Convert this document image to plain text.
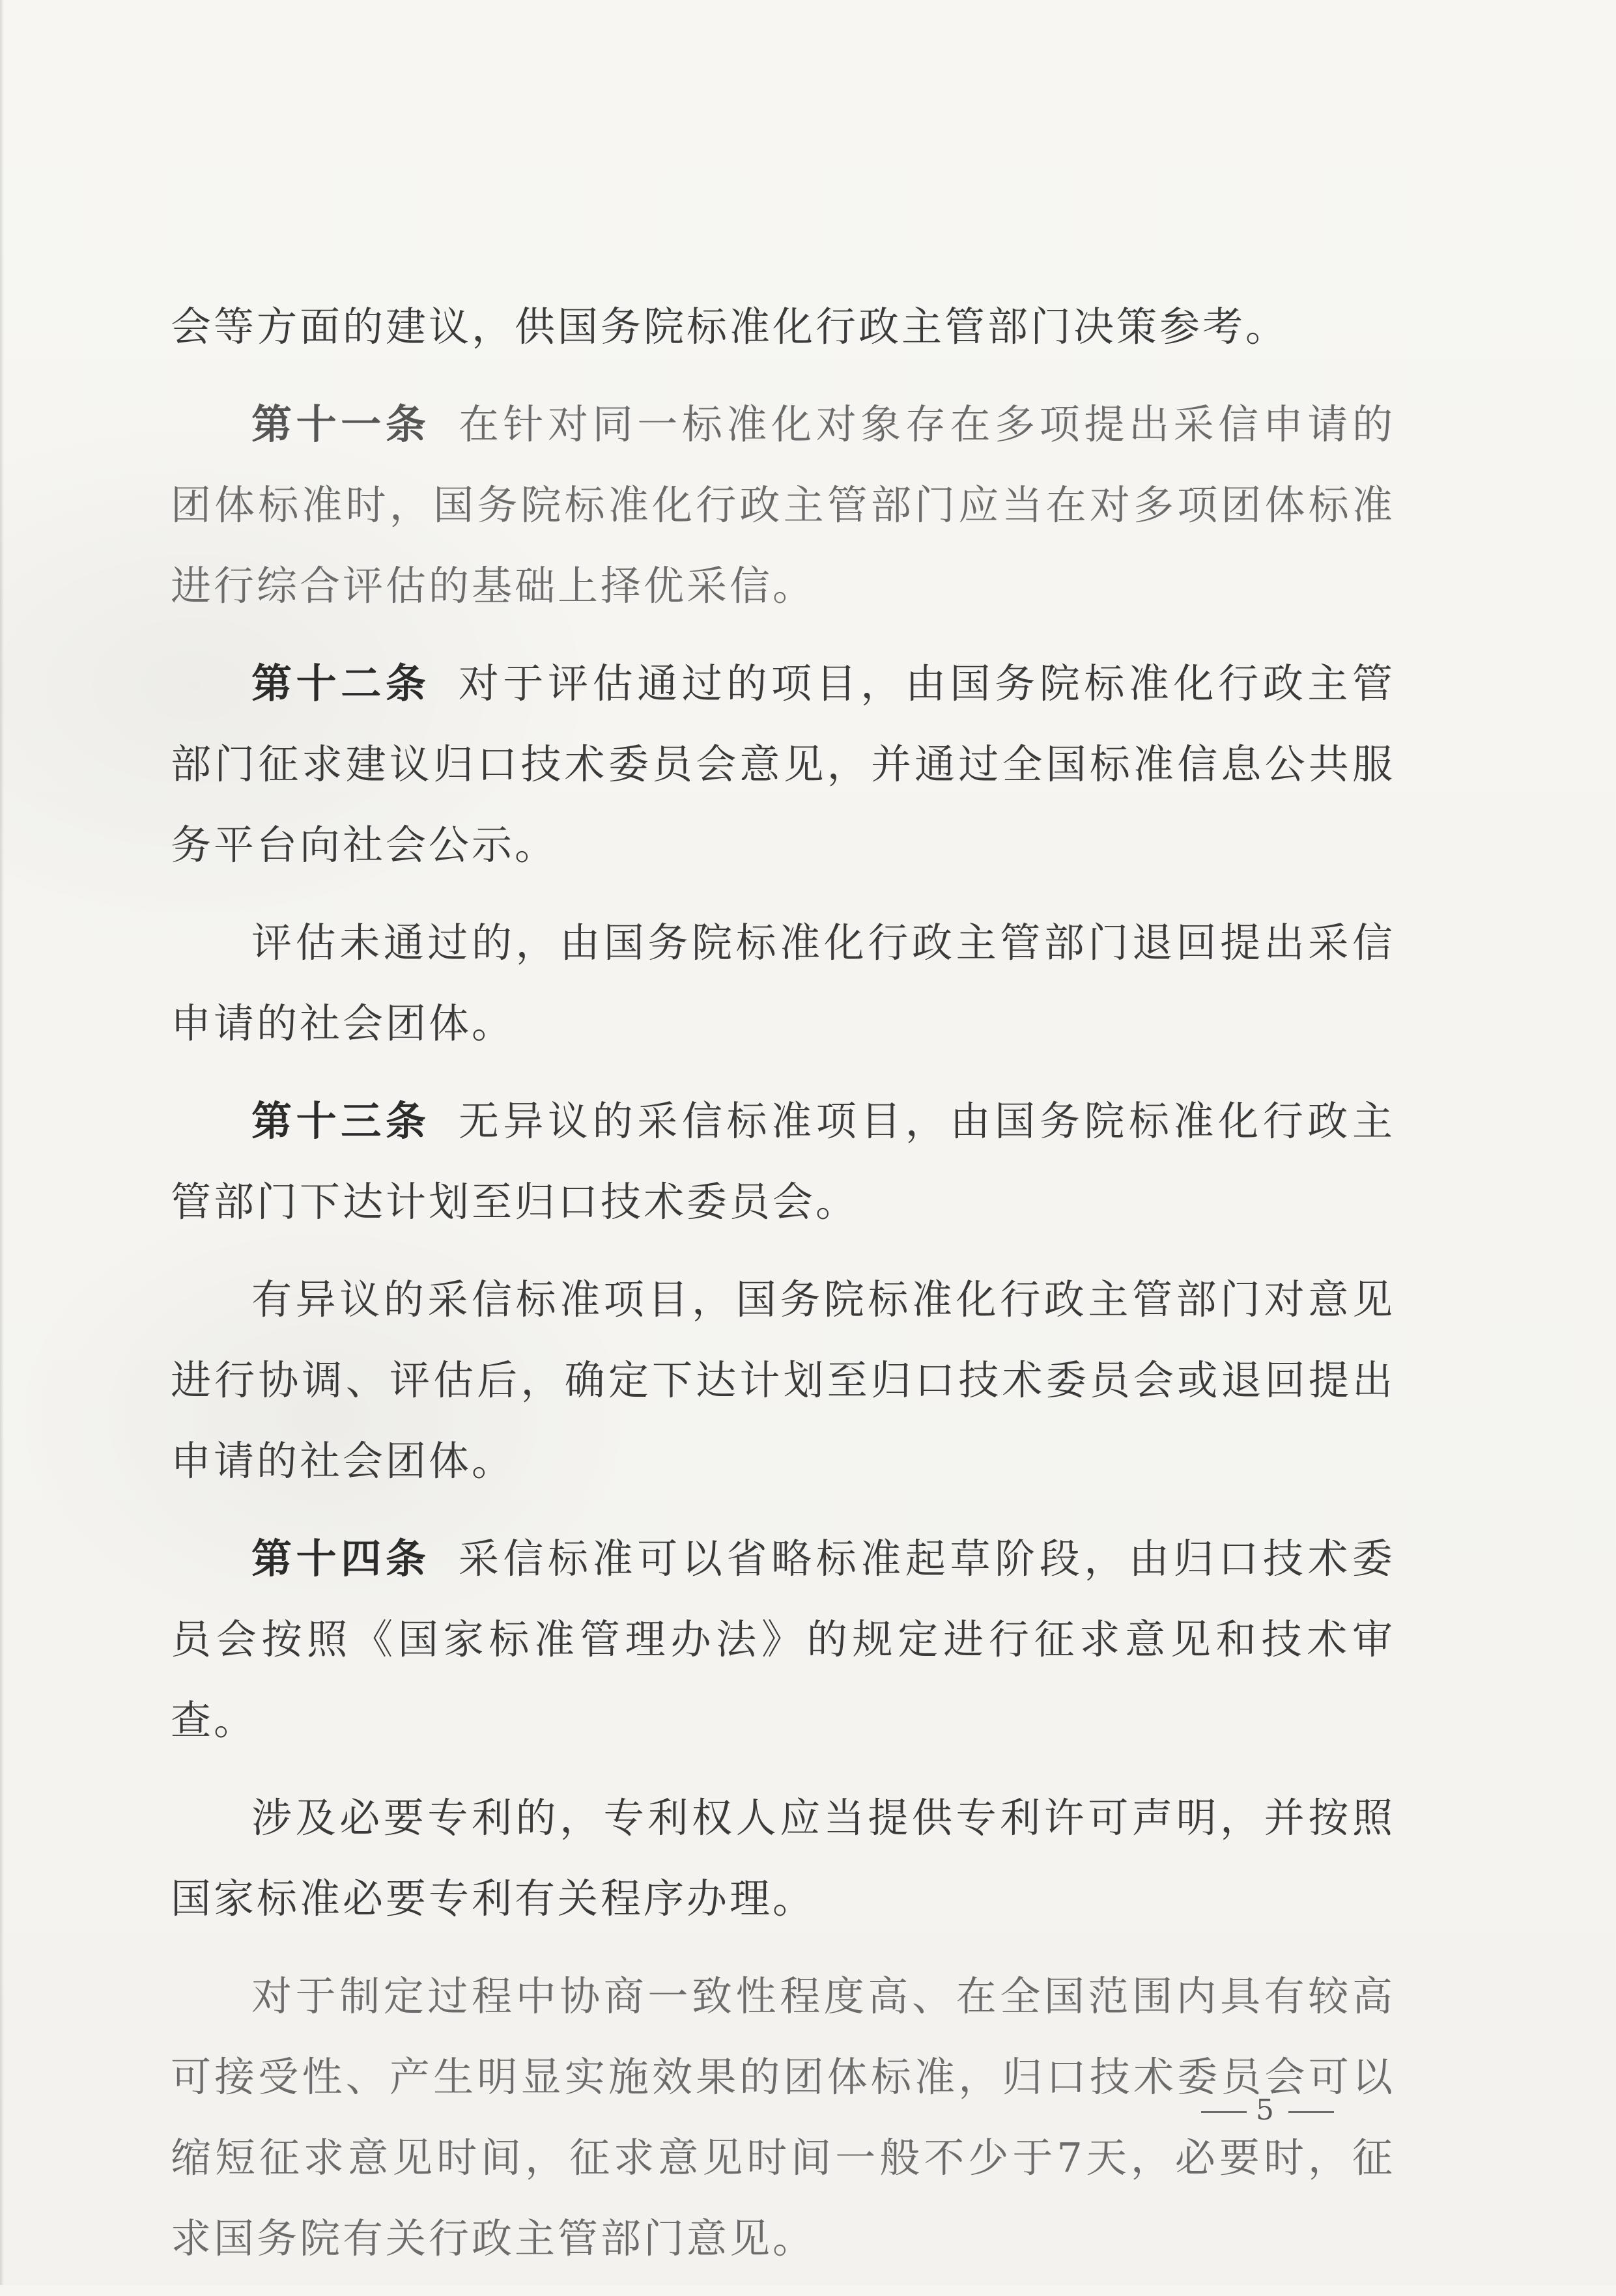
会等方面的建议，供国务院标准化行政主管部门决策参考。

第十一条 在针对同一标准化对象存在多项提出采信申请的团体标准时，国务院标准化行政主管部门应当在对多项团体标准进行综合评估的基础上择优采信。

第十二条 对于评估通过的项目，由国务院标准化行政主管部门征求建议归口技术委员会意见，并通过全国标准信息公共服务平台向社会公示。

评估未通过的，由国务院标准化行政主管部门退回提出采信申请的社会团体。

第十三条 无异议的采信标准项目，由国务院标准化行政主管部门下达计划至归口技术委员会。

有异议的采信标准项目，国务院标准化行政主管部门对意见进行协调、评估后，确定下达计划至归口技术委员会或退回提出申请的社会团体。

第十四条 采信标准可以省略标准起草阶段，由归口技术委员会按照《国家标准管理办法》的规定进行征求意见和技术审查。

涉及必要专利的，专利权人应当提供专利许可声明，并按照国家标准必要专利有关程序办理。

对于制定过程中协商一致性程度高、在全国范围内具有较高可接受性、产生明显实施效果的团体标准，归口技术委员会可以缩短征求意见时间，征求意见时间一般不少于7天，必要时，征求国务院有关行政主管部门意见。

5
